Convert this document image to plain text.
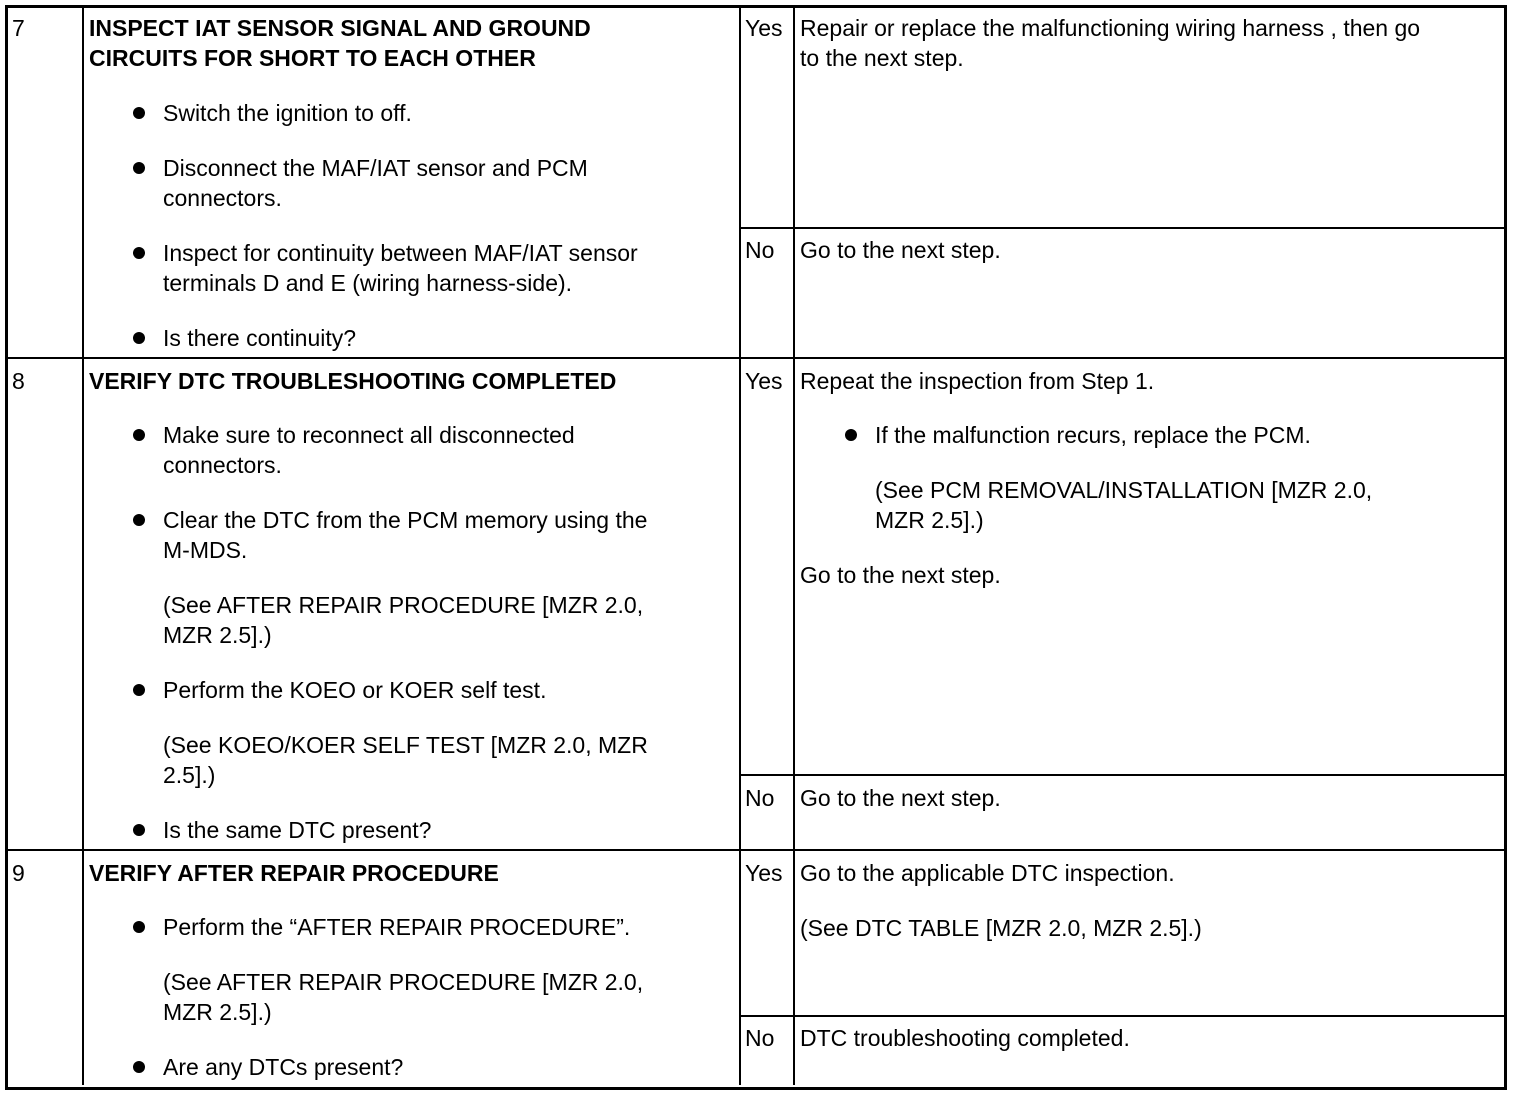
7	INSPECT IAT SENSOR SIGNAL AND GROUND
CIRCUITS FOR SHORT TO EACH OTHER
Switch the ignition to off.
Disconnect the MAF/IAT sensor and PCM
connectors.
Inspect for continuity between MAF/IAT sensor
terminals D and E (wiring harness-side).
Is there continuity?
Yes Repair or replace the malfunctioning wiring harness , then go
to the next step.
No Go to the next step.
8	VERIFY DTC TROUBLESHOOTING COMPLETED
Make sure to reconnect all disconnected
connectors.
Clear the DTC from the PCM memory using the
M-MDS.
(See AFTER REPAIR PROCEDURE [MZR 2.0,
MZR 2.5].)
Perform the KOEO or KOER self test.
(See KOEO/KOER SELF TEST [MZR 2.0, MZR
2.5].)
Is the same DTC present?
Yes Repeat the inspection from Step 1.
If the malfunction recurs, replace the PCM.
(See PCM REMOVAL/INSTALLATION [MZR 2.0,
MZR 2.5].)
Go to the next step.
No Go to the next step.
9	VERIFY AFTER REPAIR PROCEDURE
Perform the “AFTER REPAIR PROCEDURE”.
(See AFTER REPAIR PROCEDURE [MZR 2.0,
MZR 2.5].)
Are any DTCs present?
Yes Go to the applicable DTC inspection.
(See DTC TABLE [MZR 2.0, MZR 2.5].)
No DTC troubleshooting completed.
